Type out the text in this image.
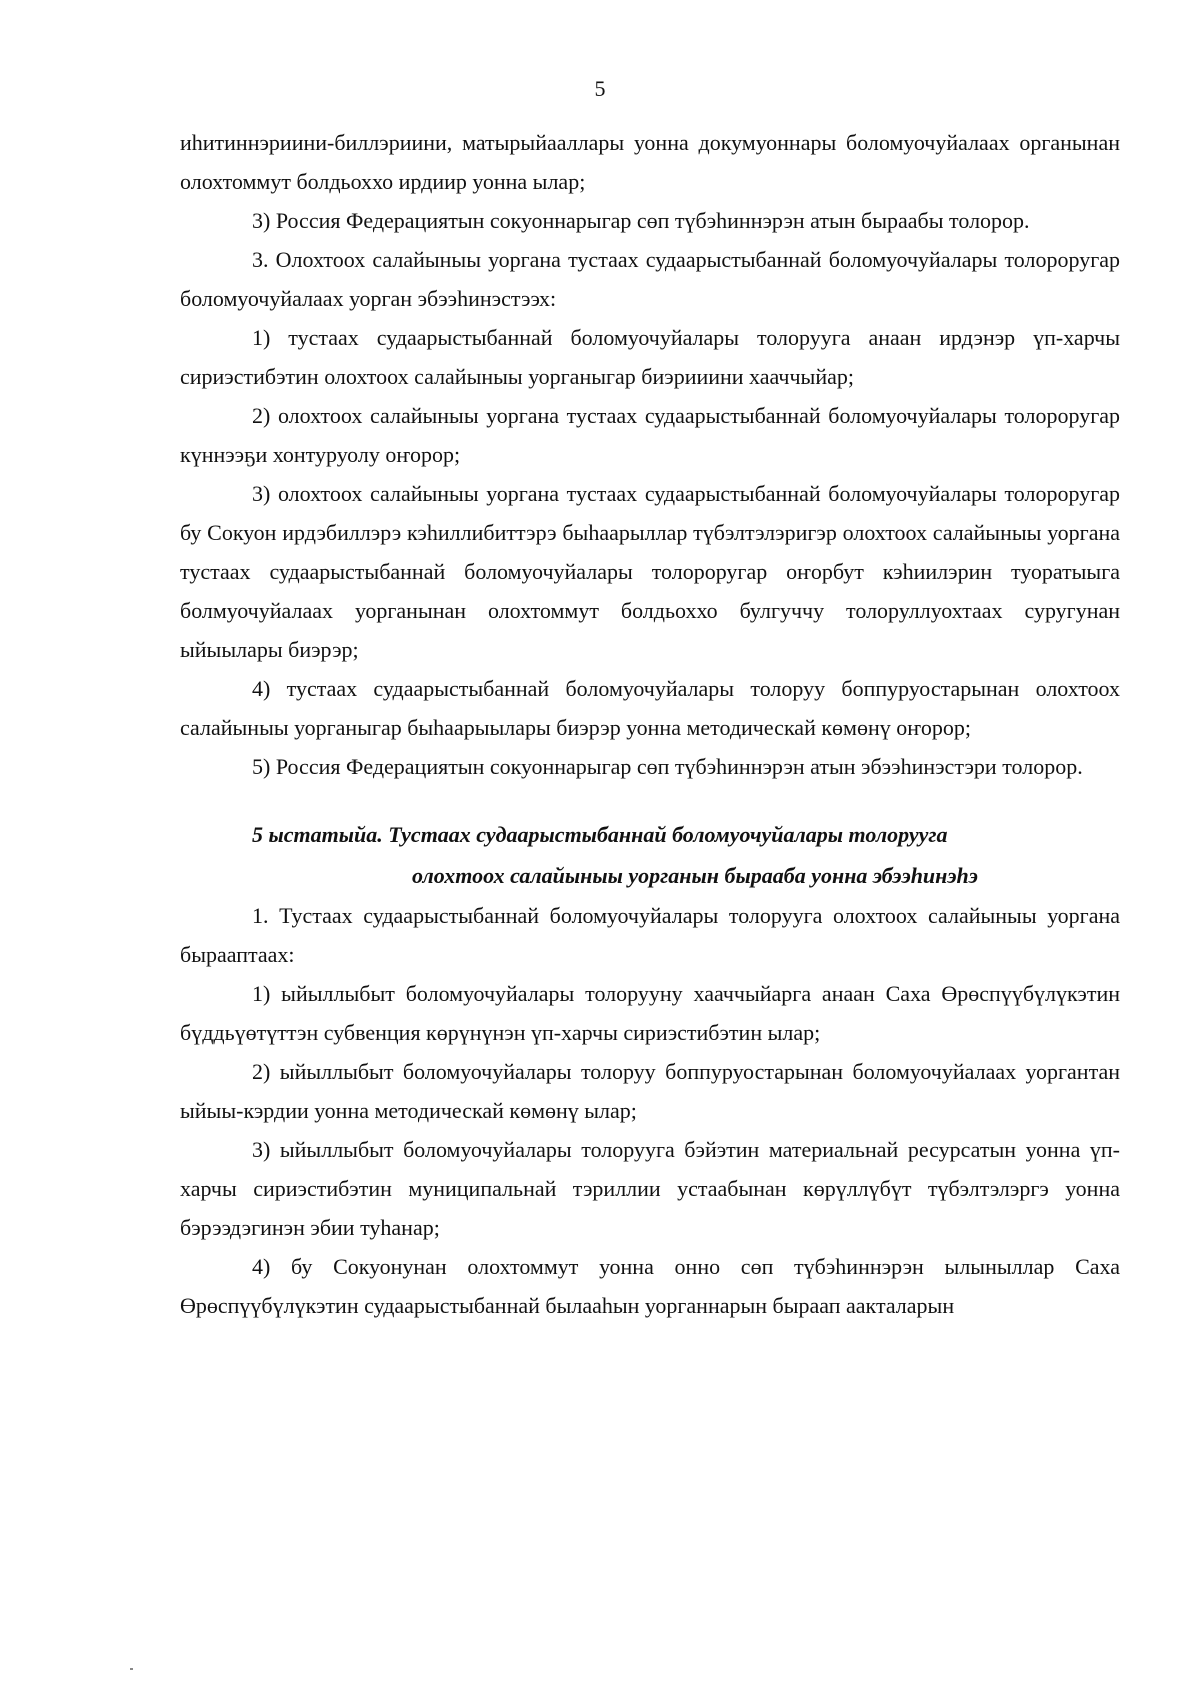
5

иһитиннэриини-биллэриини, матырыйааллары уонна докумуоннары боломуочуйалаах органынан олохтоммут болдьоххо ирдиир уонна ылар;

3) Россия Федерациятын сокуоннарыгар сөп түбэһиннэрэн атын быраабы толорор.

3. Олохтоох салайыныы уоргана тустаах судаарыстыбаннай боломуочуйалары толороругар боломуочуйалаах уорган эбээһинэстээх:

1) тустаах судаарыстыбаннай боломуочуйалары толорууга анаан ирдэнэр үп-харчы сириэстибэтин олохтоох салайыныы уорганыгар биэрииини хааччыйар;

2) олохтоох салайыныы уоргана тустаах судаарыстыбаннай боломуочуйалары толороругар күннээҕи хонтуруолу оҥорор;

3) олохтоох салайыныы уоргана тустаах судаарыстыбаннай боломуочуйалары толороругар бу Сокуон ирдэбиллэрэ кэһиллибиттэрэ быһаарыллар түбэлтэлэригэр олохтоох салайыныы уоргана тустаах судаарыстыбаннай боломуочуйалары толороругар оҥорбут кэһиилэрин туоратыыга болмуочуйалаах уорганынан олохтоммут болдьоххо булгуччу толоруллуохтаах суругунан ыйыылары биэрэр;

4) тустаах судаарыстыбаннай боломуочуйалары толоруу боппуруостарынан олохтоох салайыныы уорганыгар быһаарыылары биэрэр уонна методическай көмөнү оҥорор;

5) Россия Федерациятын сокуоннарыгар сөп түбэһиннэрэн атын эбээһинэстэри толорор.

5 ыстатыйа. Тустаах судаарыстыбаннай боломуочуйалары толорууга
олохтоох салайыныы уорганын бырааба уонна эбээһинэһэ

1. Тустаах судаарыстыбаннай боломуочуйалары толорууга олохтоох салайыныы уоргана бырааптаах:

1) ыйыллыбыт боломуочуйалары толорууну хааччыйарга анаан Саха Өрөспүүбүлүкэтин бүддьүөтүттэн субвенция көрүнүнэн үп-харчы сириэстибэтин ылар;

2) ыйыллыбыт боломуочуйалары толоруу боппуруостарынан боломуочуйалаах уоргантан ыйыы-кэрдии уонна методическай көмөнү ылар;

3) ыйыллыбыт боломуочуйалары толорууга бэйэтин материальнай ресурсатын уонна үп-харчы сириэстибэтин муниципальнай тэриллии устаабынан көрүллүбүт түбэлтэлэргэ уонна бэрээдэгинэн эбии туһанар;

4) бу Сокуонунан олохтоммут уонна онно сөп түбэһиннэрэн ылыныллар Саха Өрөспүүбүлүкэтин судаарыстыбаннай былааһын уорганнарын быраап аакталарын
